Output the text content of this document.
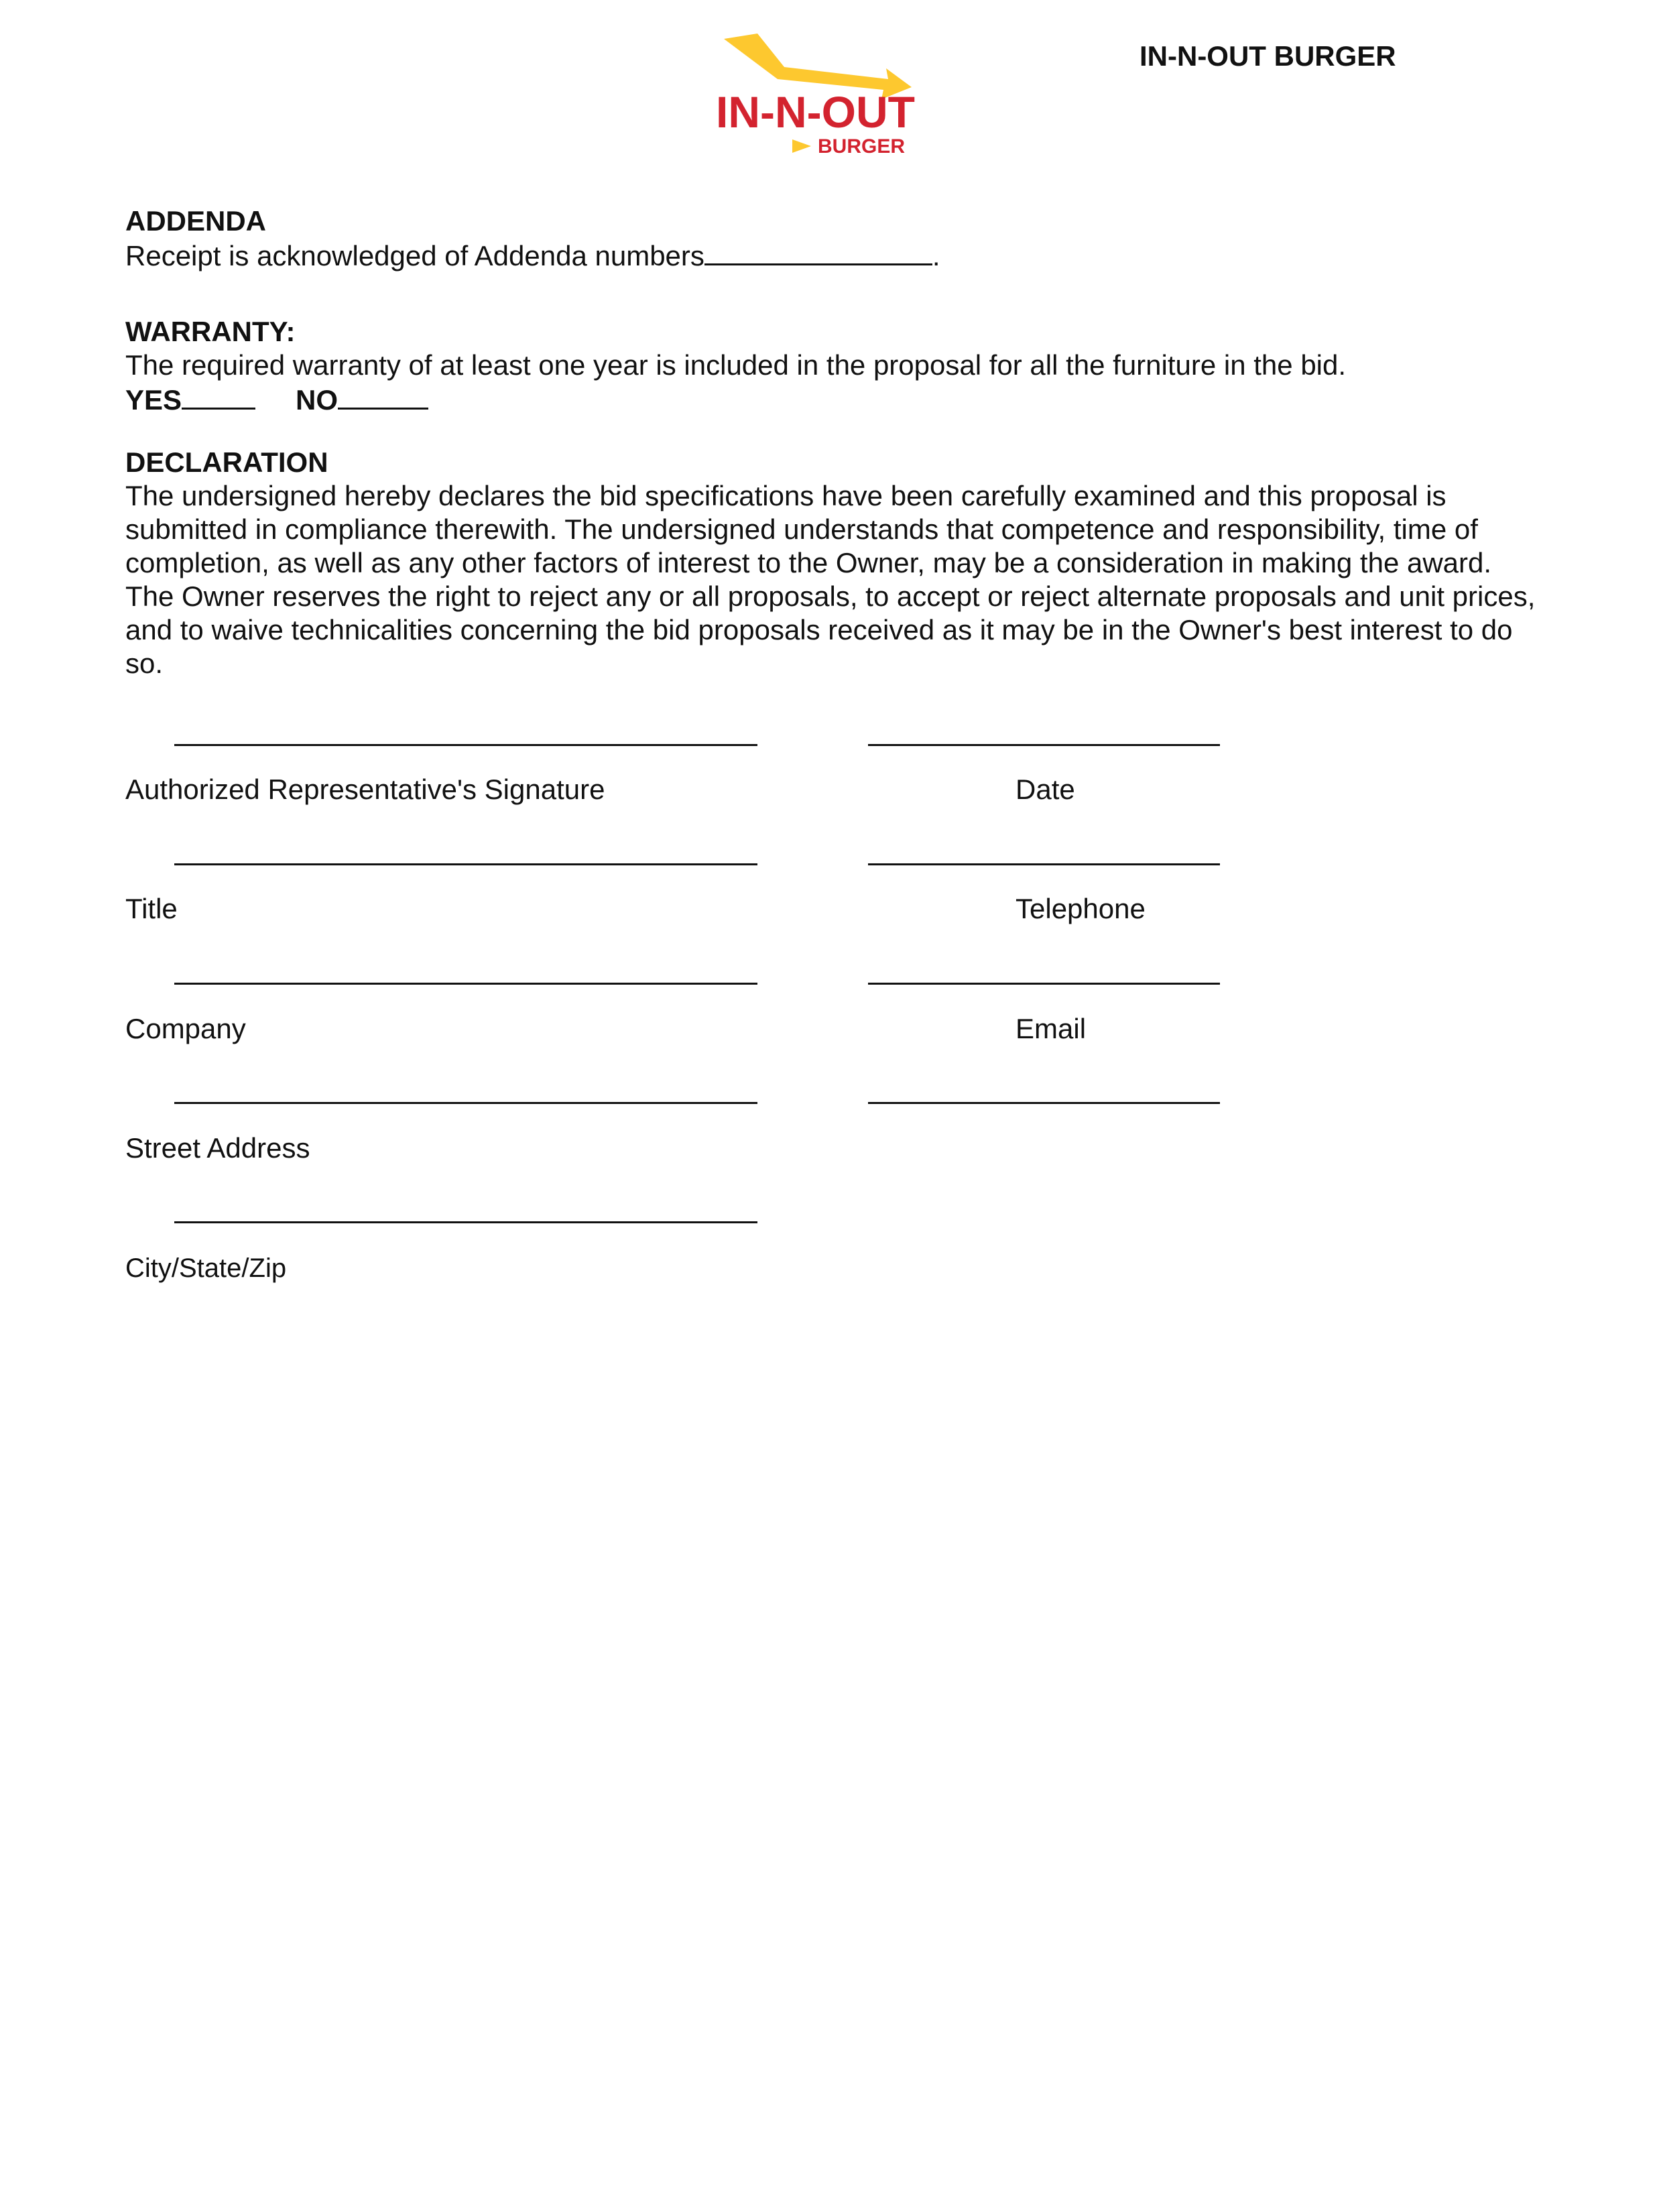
IN-N-OUT
BURGER
IN-N-OUT BURGER
ADDENDA
Receipt is acknowledged of Addenda numbers	.
WARRANTY:
The required warranty of at least one year is included in the proposal for all the furniture in the bid.
YES	NO
DECLARATION
The undersigned hereby declares the bid specifications have been carefully examined and this proposal is submitted in compliance therewith. The undersigned understands that competence and responsibility, time of completion, as well as any other factors of interest to the Owner, may be a consideration in making the award. The Owner reserves the right to reject any or all proposals, to accept or reject alternate proposals and unit prices, and to waive technicalities concerning the bid proposals received as it may be in the Owner's best interest to do so.
Authorized Representative's Signature	Date
Title	Telephone
Company	Email
Street Address
City/State/Zip
